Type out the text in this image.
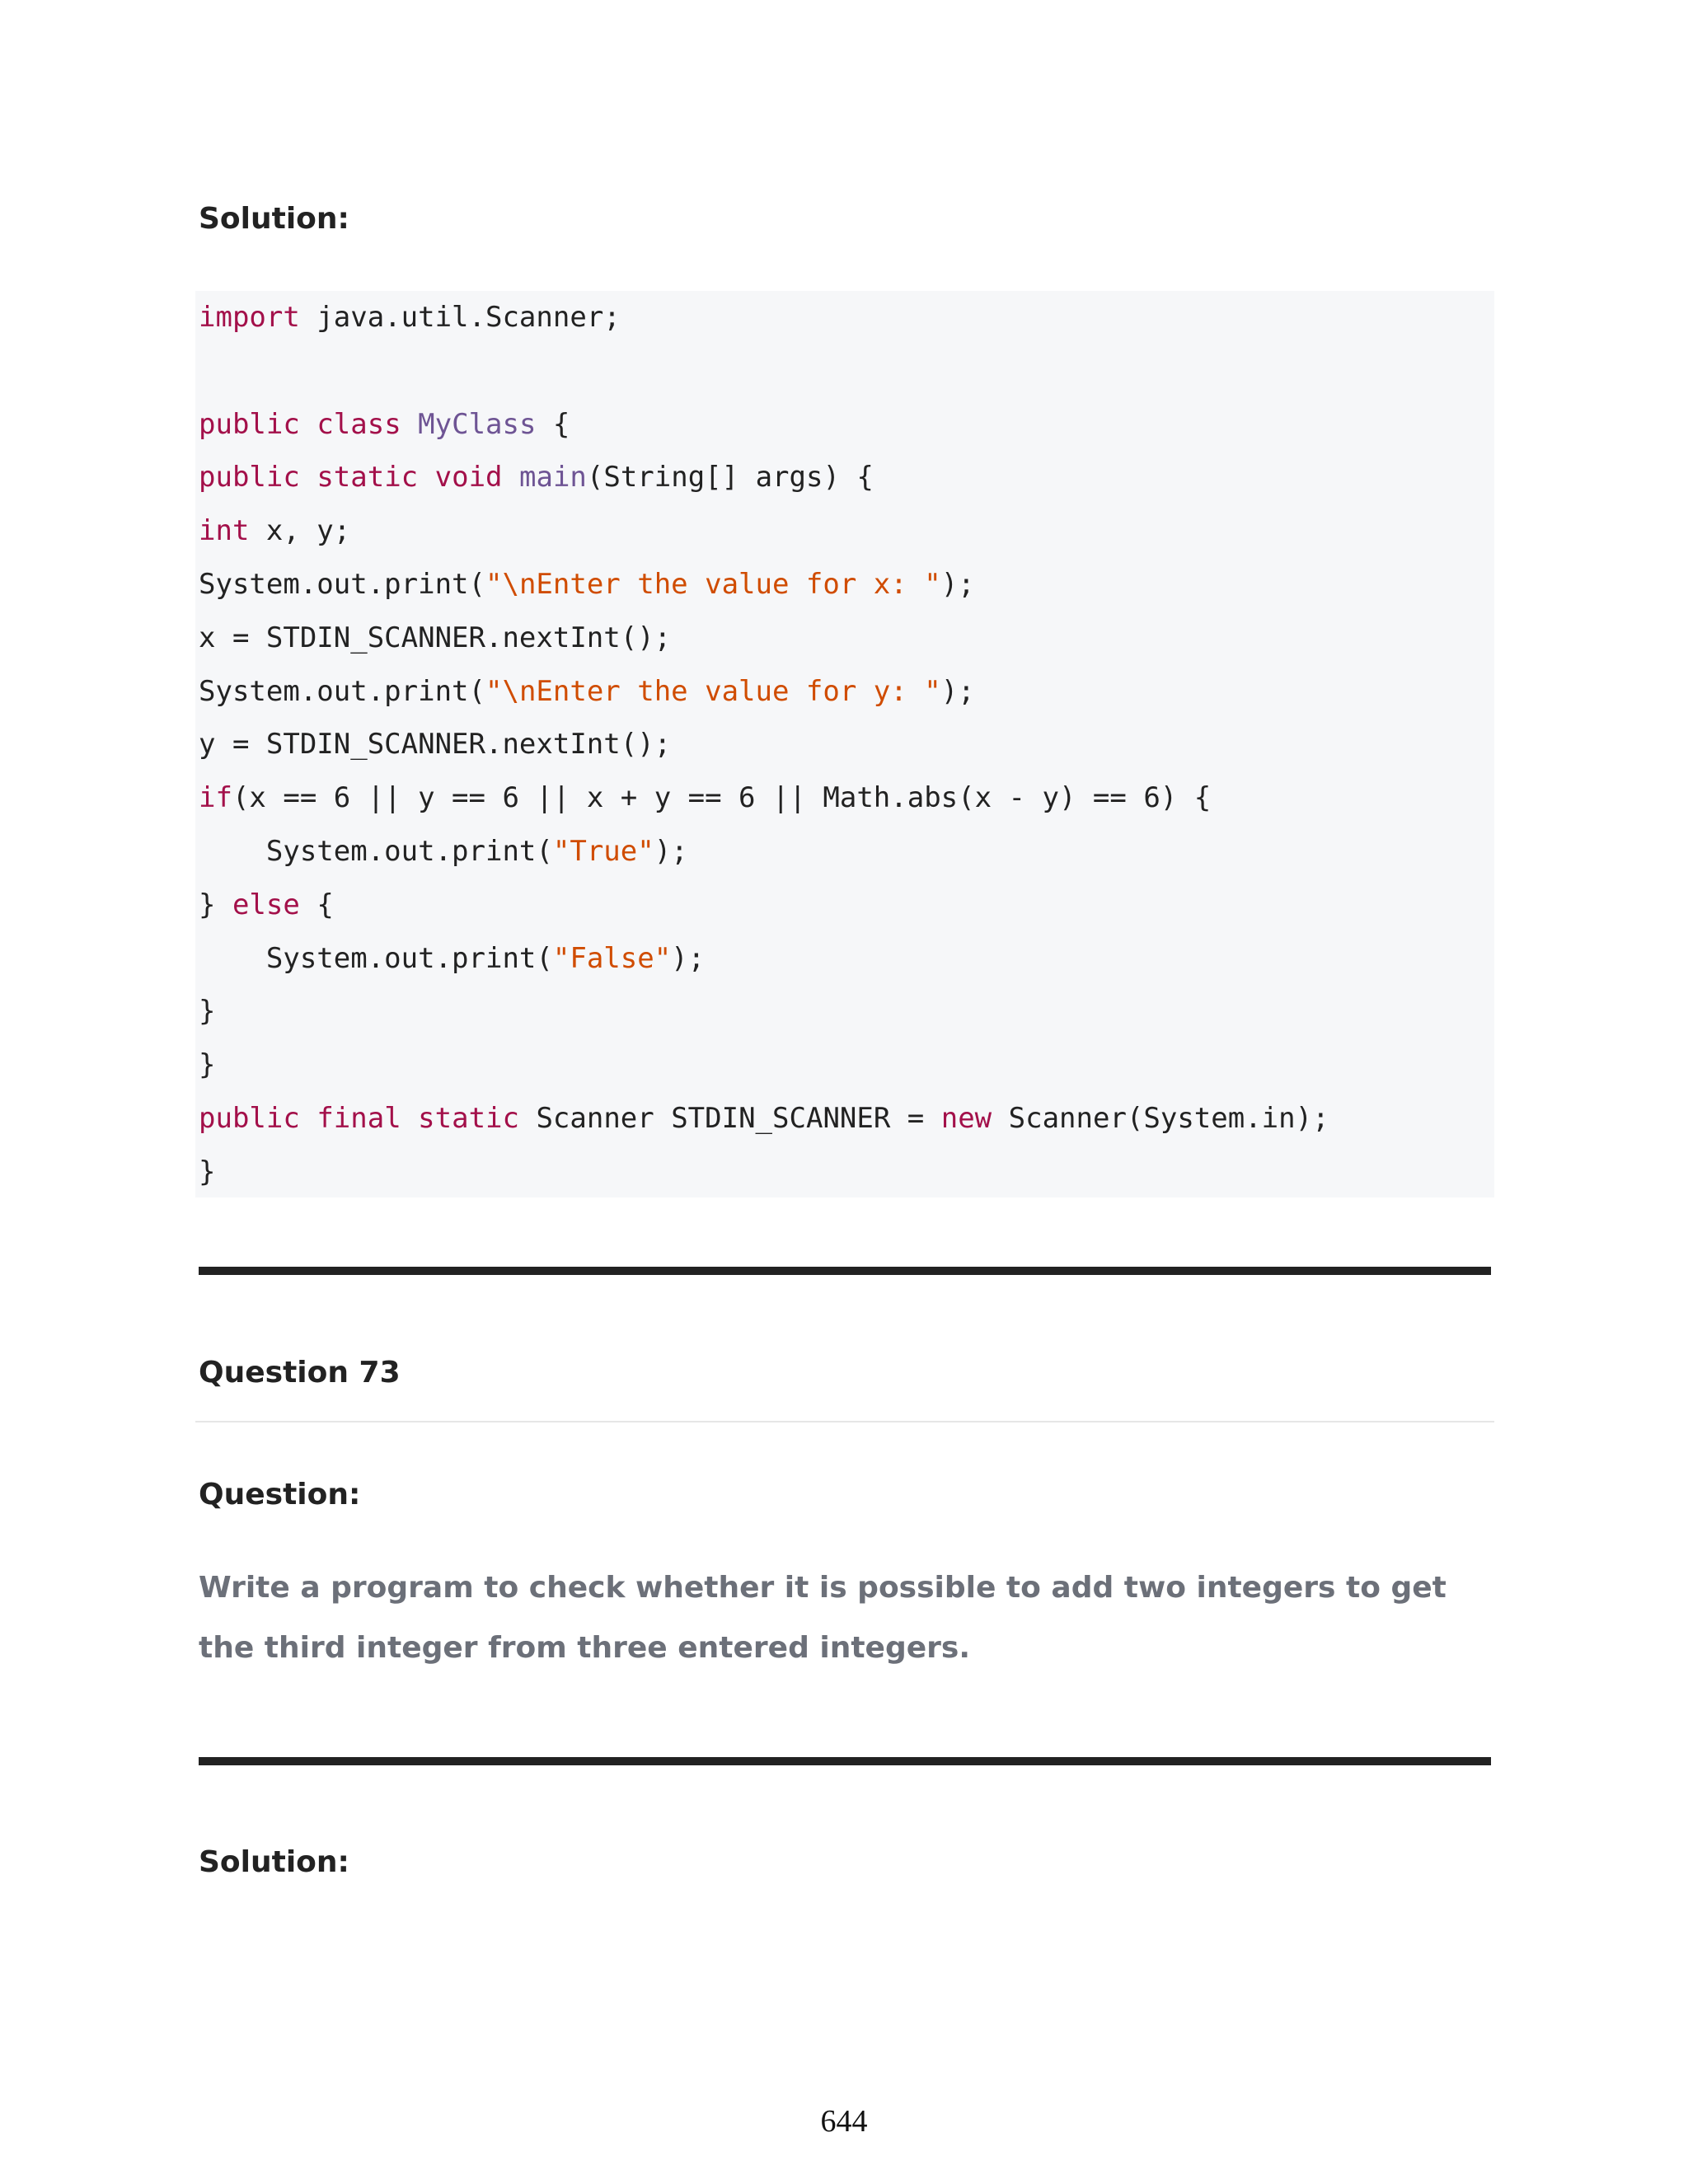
Solution:
import java.util.Scanner;
public class MyClass {
public static void main(String[] args) {
int x, y;
System.out.print("\nEnter the value for x: ");
x = STDIN_SCANNER.nextInt();
System.out.print("\nEnter the value for y: ");
y = STDIN_SCANNER.nextInt();
if(x == 6 || y == 6 || x + y == 6 || Math.abs(x - y) == 6) {
System.out.print("True");
} else {
System.out.print("False");
}
}
public final static Scanner STDIN_SCANNER = new Scanner(System.in);
}
Question 73
Question:

Write a program to check whether it is possible to add two integers to get the third integer from three entered integers.

Solution:
644
